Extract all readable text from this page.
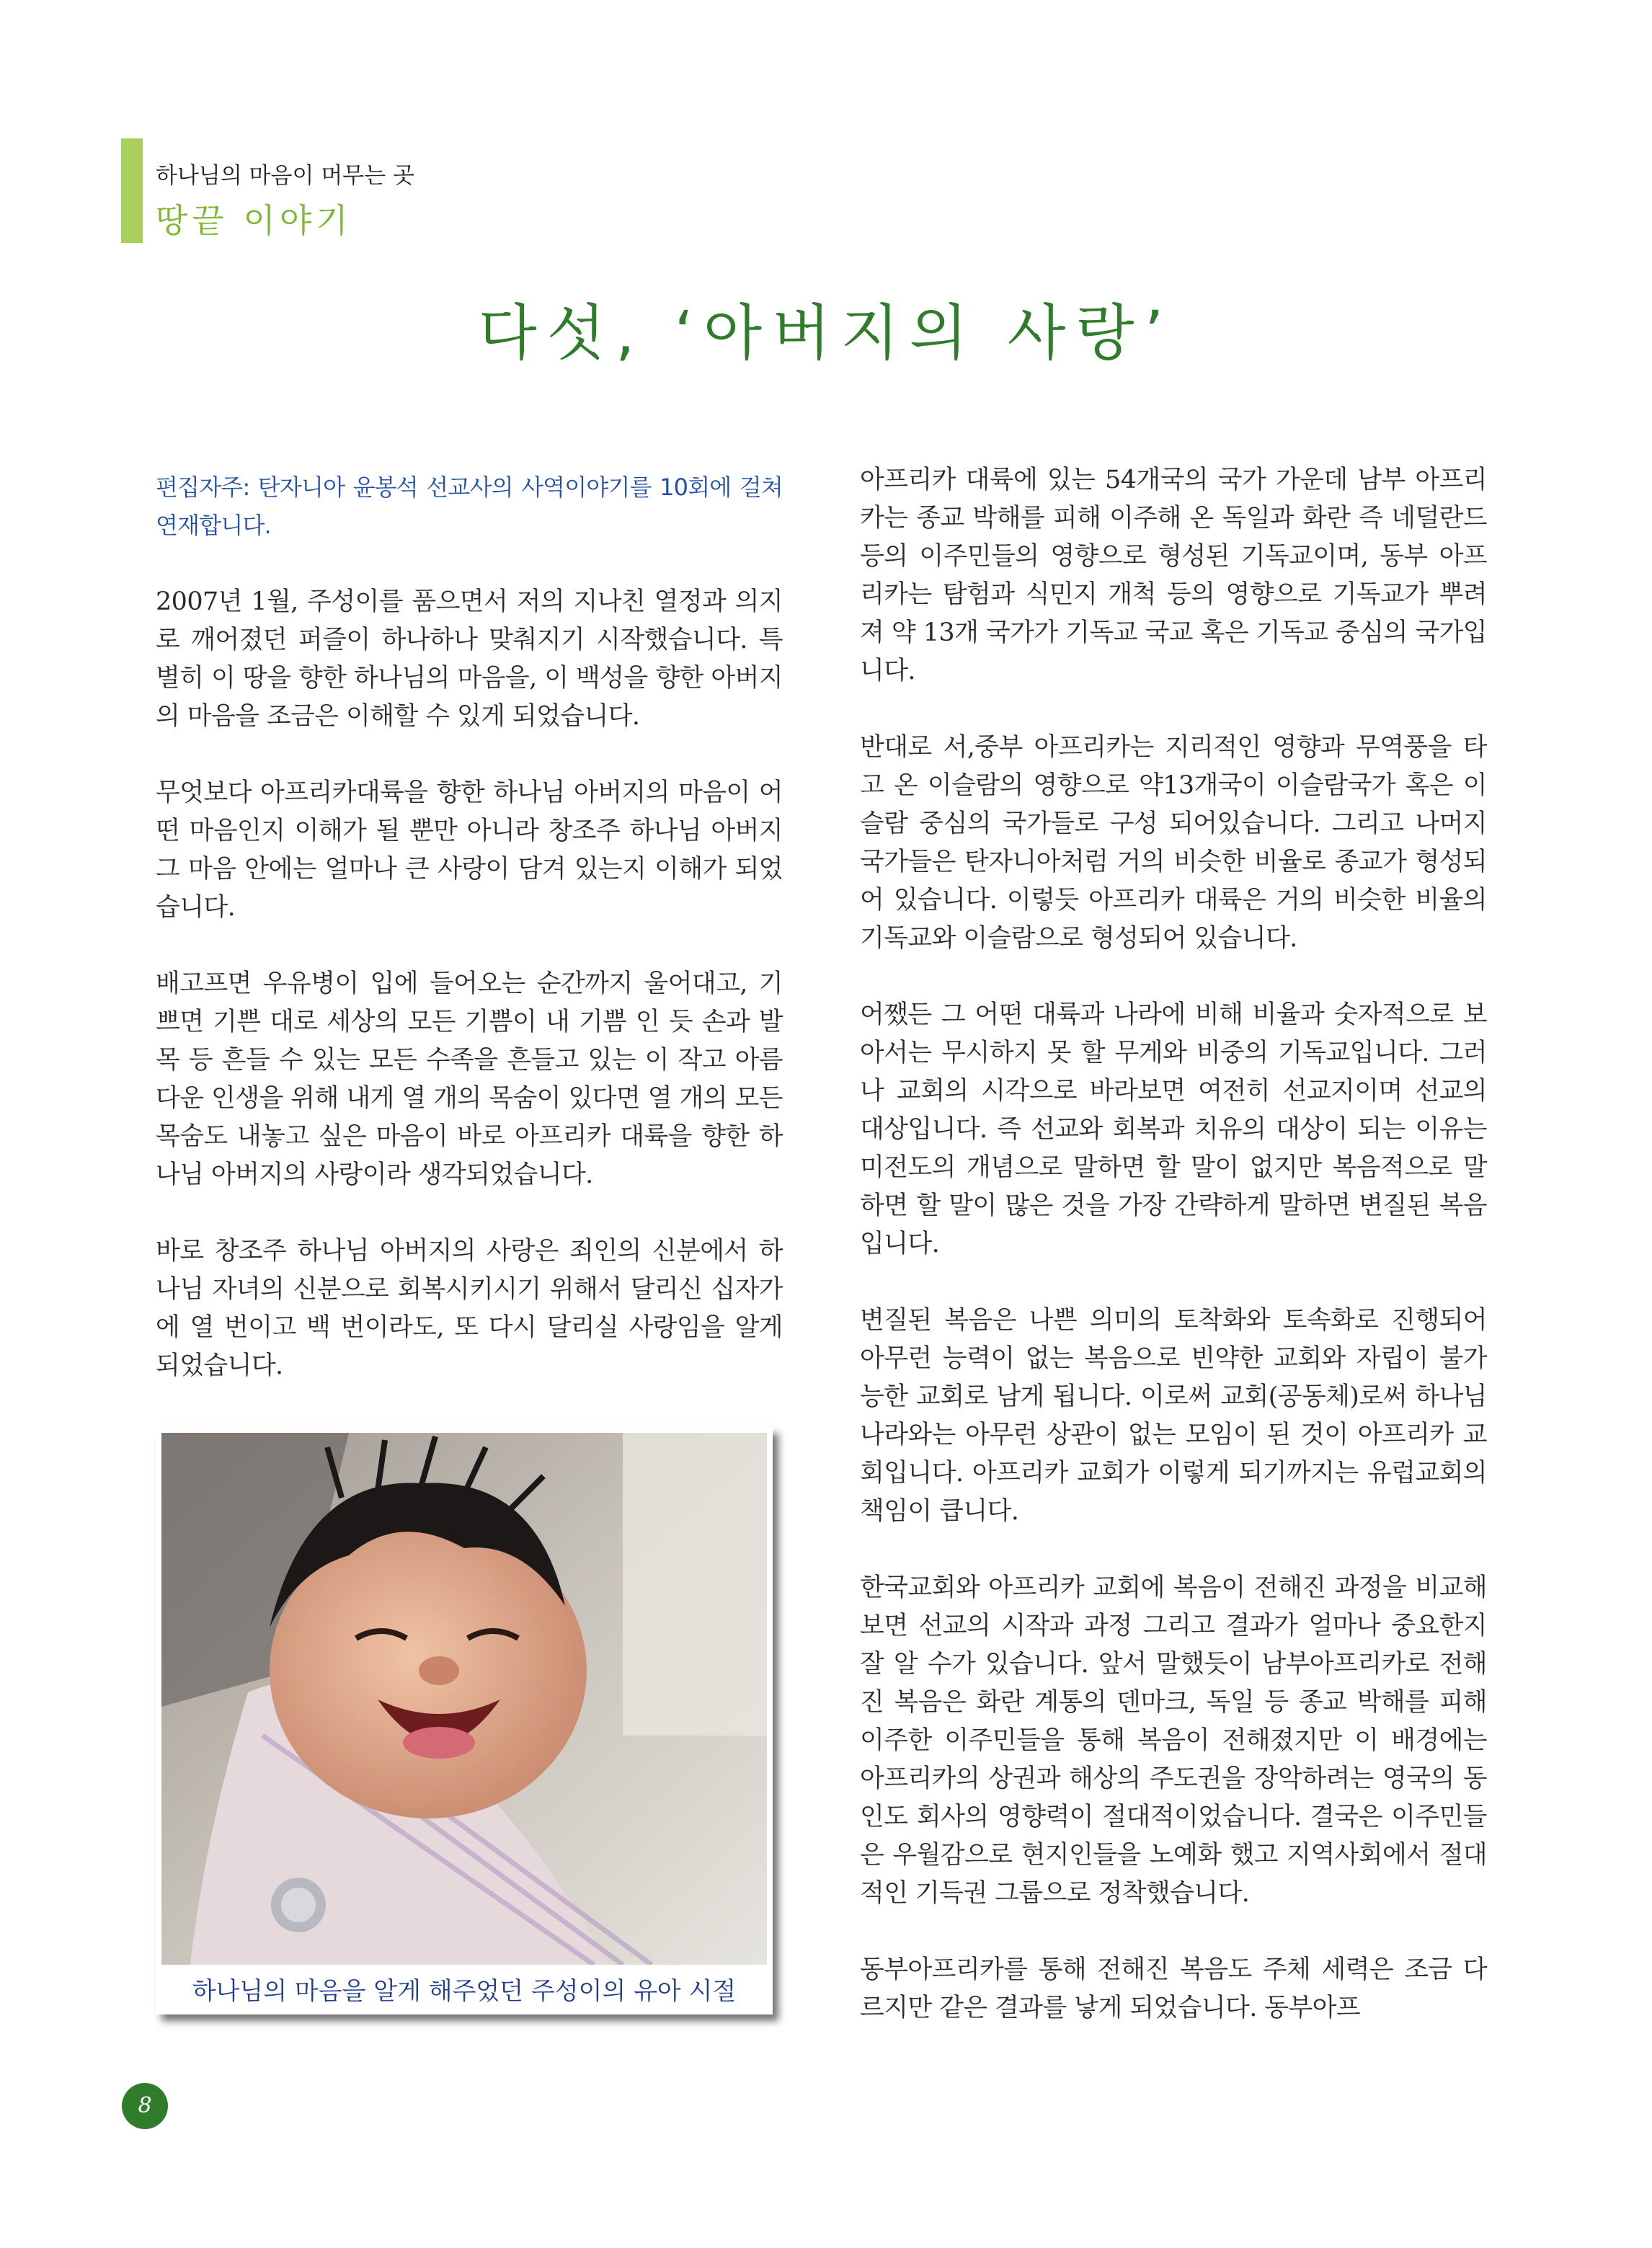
하나님의 마음이 머무는 곳
땅끝 이야기
다섯, ‘아버지의 사랑’

편집자주: 탄자니아 윤봉석 선교사의 사역이야기를 10회에 걸쳐 연재합니다.

2007년 1월, 주성이를 품으면서 저의 지나친 열정과 의지로 깨어졌던 퍼즐이 하나하나 맞춰지기 시작했습니다. 특별히 이 땅을 향한 하나님의 마음을, 이 백성을 향한 아버지의 마음을 조금은 이해할 수 있게 되었습니다.

무엇보다 아프리카대륙을 향한 하나님 아버지의 마음이 어떤 마음인지 이해가 될 뿐만 아니라 창조주 하나님 아버지 그 마음 안에는 얼마나 큰 사랑이 담겨 있는지 이해가 되었습니다.

배고프면 우유병이 입에 들어오는 순간까지 울어대고, 기쁘면 기쁜 대로 세상의 모든 기쁨이 내 기쁨 인 듯 손과 발목 등 흔들 수 있는 모든 수족을 흔들고 있는 이 작고 아름다운 인생을 위해 내게 열 개의 목숨이 있다면 열 개의 모든 목숨도 내놓고 싶은 마음이 바로 아프리카 대륙을 향한 하나님 아버지의 사랑이라 생각되었습니다.

바로 창조주 하나님 아버지의 사랑은 죄인의 신분에서 하나님 자녀의 신분으로 회복시키시기 위해서 달리신 십자가에 열 번이고 백 번이라도, 또 다시 달리실 사랑임을 알게 되었습니다.

하나님의 마음을 알게 해주었던 주성이의 유아 시절

아프리카 대륙에 있는 54개국의 국가 가운데 남부 아프리카는 종교 박해를 피해 이주해 온 독일과 화란 즉 네덜란드 등의 이주민들의 영향으로 형성된 기독교이며, 동부 아프리카는 탐험과 식민지 개척 등의 영향으로 기독교가 뿌려져 약 13개 국가가 기독교 국교 혹은 기독교 중심의 국가입니다.

반대로 서,중부 아프리카는 지리적인 영향과 무역풍을 타고 온 이슬람의 영향으로 약13개국이 이슬람국가 혹은 이슬람 중심의 국가들로 구성 되어있습니다. 그리고 나머지 국가들은 탄자니아처럼 거의 비슷한 비율로 종교가 형성되어 있습니다. 이렇듯 아프리카 대륙은 거의 비슷한 비율의 기독교와 이슬람으로 형성되어 있습니다.

어쨌든 그 어떤 대륙과 나라에 비해 비율과 숫자적으로 보아서는 무시하지 못 할 무게와 비중의 기독교입니다. 그러나 교회의 시각으로 바라보면 여전히 선교지이며 선교의 대상입니다. 즉 선교와 회복과 치유의 대상이 되는 이유는 미전도의 개념으로 말하면 할 말이 없지만 복음적으로 말하면 할 말이 많은 것을 가장 간략하게 말하면 변질된 복음입니다.

변질된 복음은 나쁜 의미의 토착화와 토속화로 진행되어 아무런 능력이 없는 복음으로 빈약한 교회와 자립이 불가능한 교회로 남게 됩니다. 이로써 교회(공동체)로써 하나님 나라와는 아무런 상관이 없는 모임이 된 것이 아프리카 교회입니다. 아프리카 교회가 이렇게 되기까지는 유럽교회의 책임이 큽니다.

한국교회와 아프리카 교회에 복음이 전해진 과정을 비교해 보면 선교의 시작과 과정 그리고 결과가 얼마나 중요한지 잘 알 수가 있습니다. 앞서 말했듯이 남부아프리카로 전해진 복음은 화란 계통의 덴마크, 독일 등 종교 박해를 피해 이주한 이주민들을 통해 복음이 전해졌지만 이 배경에는 아프리카의 상권과 해상의 주도권을 장악하려는 영국의 동인도 회사의 영향력이 절대적이었습니다. 결국은 이주민들은 우월감으로 현지인들을 노예화 했고 지역사회에서 절대적인 기득권 그룹으로 정착했습니다.

동부아프리카를 통해 전해진 복음도 주체 세력은 조금 다르지만 같은 결과를 낳게 되었습니다. 동부아프

8
